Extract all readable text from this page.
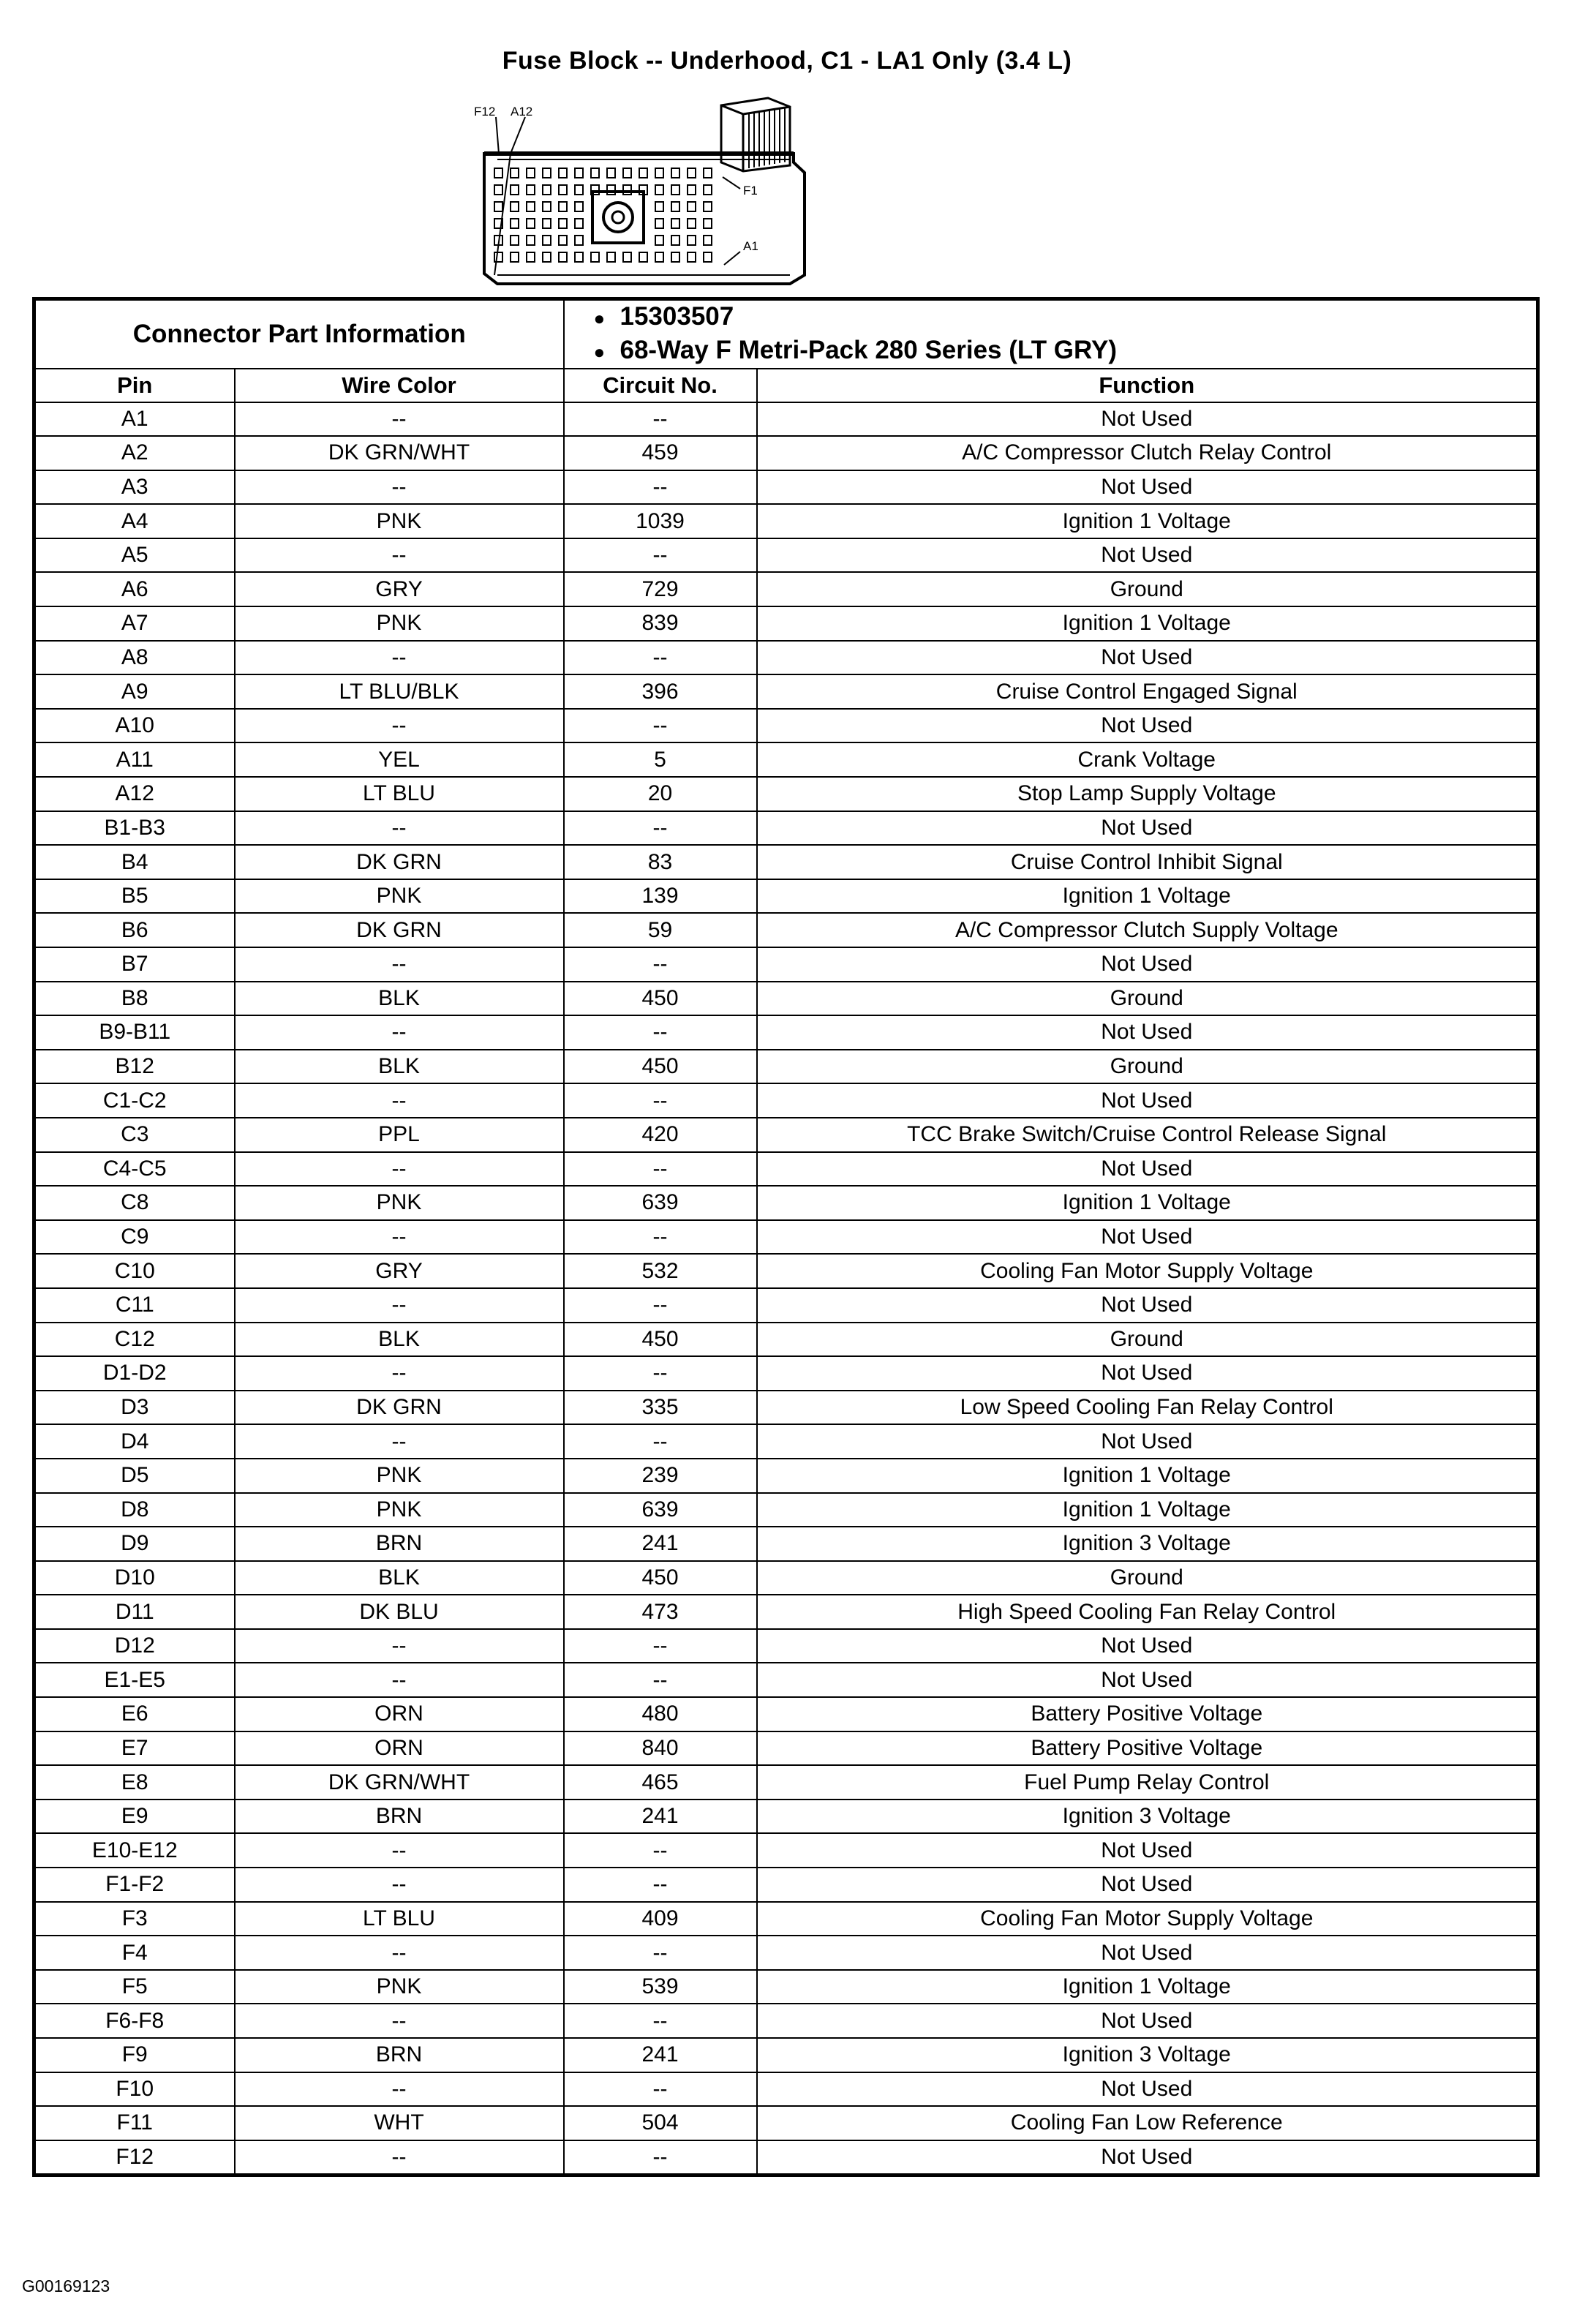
Fuse Block -- Underhood, C1 - LA1 Only (3.4 L)
F12 A12
F1
A1
Connector Part Information		● 15303507
● 68-Way F Metri-Pack 280 Series (LT GRY)	

Pin	Wire Color	Circuit No.	Function
A1	--	--	Not Used
A2	DK GRN/WHT	459	A/C Compressor Clutch Relay Control
A3	--	--	Not Used
A4	PNK	1039	Ignition 1 Voltage
A5	--	--	Not Used
A6	GRY	729	Ground
A7	PNK	839	Ignition 1 Voltage
A8	--	--	Not Used
A9	LT BLU/BLK	396	Cruise Control Engaged Signal
A10	--	--	Not Used
A11	YEL	5	Crank Voltage
A12	LT BLU	20	Stop Lamp Supply Voltage
B1-B3	--	--	Not Used
B4	DK GRN	83	Cruise Control Inhibit Signal
B5	PNK	139	Ignition 1 Voltage
B6	DK GRN	59	A/C Compressor Clutch Supply Voltage
B7	--	--	Not Used
B8	BLK	450	Ground
B9-B11	--	--	Not Used
B12	BLK	450	Ground
C1-C2	--	--	Not Used
C3	PPL	420	TCC Brake Switch/Cruise Control Release Signal
C4-C5	--	--	Not Used
C8	PNK	639	Ignition 1 Voltage
C9	--	--	Not Used
C10	GRY	532	Cooling Fan Motor Supply Voltage
C11	--	--	Not Used
C12	BLK	450	Ground
D1-D2	--	--	Not Used
D3	DK GRN	335	Low Speed Cooling Fan Relay Control
D4	--	--	Not Used
D5	PNK	239	Ignition 1 Voltage
D8	PNK	639	Ignition 1 Voltage
D9	BRN	241	Ignition 3 Voltage
D10	BLK	450	Ground
D11	DK BLU	473	High Speed Cooling Fan Relay Control
D12	--	--	Not Used
E1-E5	--	--	Not Used
E6	ORN	480	Battery Positive Voltage
E7	ORN	840	Battery Positive Voltage
E8	DK GRN/WHT	465	Fuel Pump Relay Control
E9	BRN	241	Ignition 3 Voltage
E10-E12	--	--	Not Used
F1-F2	--	--	Not Used
F3	LT BLU	409	Cooling Fan Motor Supply Voltage
F4	--	--	Not Used
F5	PNK	539	Ignition 1 Voltage
F6-F8	--	--	Not Used
F9	BRN	241	Ignition 3 Voltage
F10	--	--	Not Used
F11	WHT	504	Cooling Fan Low Reference
F12	--	--	Not Used
G00169123
